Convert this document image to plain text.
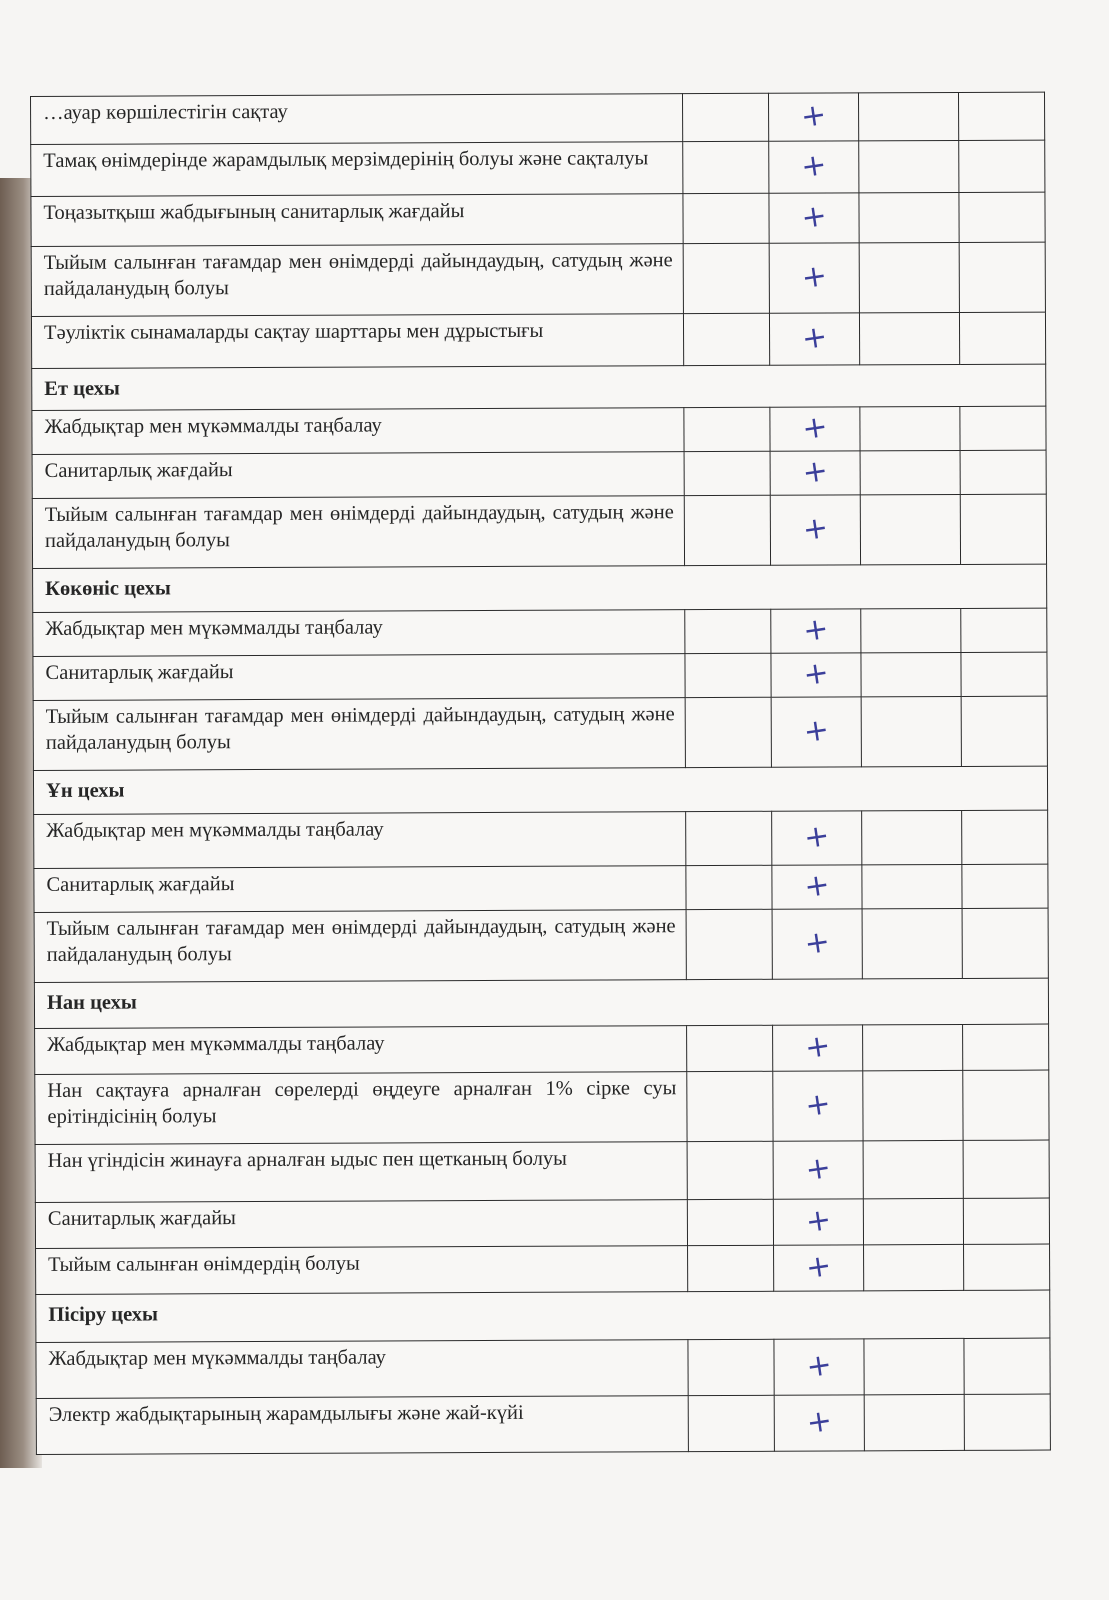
…ауар көршілестігін сақтау		+		
Тамақ өнімдерінде жарамдылық мерзімдерінің болуы және сақталуы		+		
Тоңазытқыш жабдығының санитарлық жағдайы		+		
Тыйым салынған тағамдар мен өнімдерді дайындаудың, сатудың және пайдаланудың болуы		+		
Тәуліктік сынамаларды сақтау шарттары мен дұрыстығы		+		
Ет цехы				
Жабдықтар мен мүкәммалды таңбалау		+		
Санитарлық жағдайы		+		
Тыйым салынған тағамдар мен өнімдерді дайындаудың, сатудың және пайдаланудың болуы		+		
Көкөніс цехы				
Жабдықтар мен мүкәммалды таңбалау		+		
Санитарлық жағдайы		+		
Тыйым салынған тағамдар мен өнімдерді дайындаудың, сатудың және пайдаланудың болуы		+		
Ұн цехы				
Жабдықтар мен мүкәммалды таңбалау		+		
Санитарлық жағдайы		+		
Тыйым салынған тағамдар мен өнімдерді дайындаудың, сатудың және пайдаланудың болуы		+		
Нан цехы				
Жабдықтар мен мүкәммалды таңбалау		+		
Нан сақтауға арналған сөрелерді өңдеуге арналған 1% сірке суы ерітіндісінің болуы		+		
Нан үгіндісін жинауға арналған ыдыс пен щетканың болуы		+		
Санитарлық жағдайы		+		
Тыйым салынған өнімдердің болуы		+		
Пісіру цехы				
Жабдықтар мен мүкәммалды таңбалау		+		
Электр жабдықтарының жарамдылығы және жай-күйі		+		
